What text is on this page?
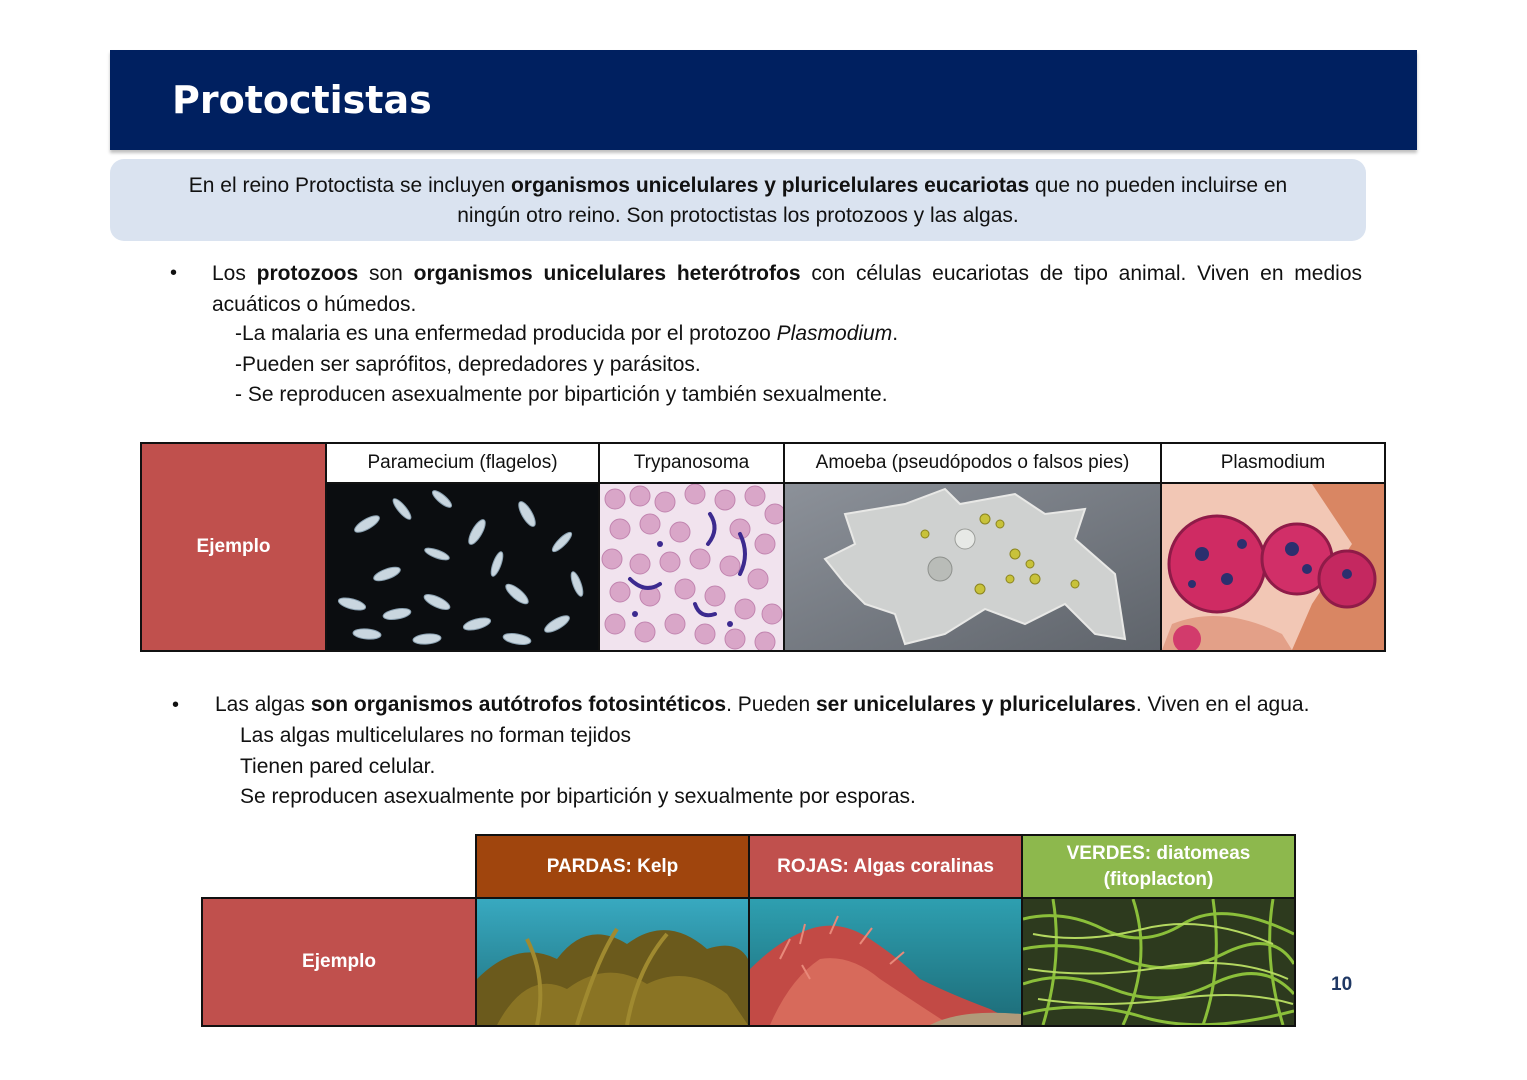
Protoctistas
En el reino Protoctista se incluyen organismos unicelulares y pluricelulares eucariotas que no pueden incluirse en
ningún otro reino. Son protoctistas los protozoos y las algas.
• Los protozoos son organismos unicelulares heterótrofos con células eucariotas de tipo animal. Viven en medios acuáticos o húmedos.
-La malaria es una enfermedad producida por el protozoo Plasmodium.
-Pueden ser saprófitos, depredadores y parásitos.
- Se reproducen asexualmente por bipartición y también sexualmente.
Ejemplo	Paramecium (flagelos)	Trypanosoma	Amoeba (pseudópodos o falsos pies)	Plasmodium

• Las algas son organismos autótrofos fotosintéticos. Pueden ser unicelulares y pluricelulares. Viven en el agua.
Las algas multicelulares no forman tejidos
Tienen pared celular.
Se reproducen asexualmente por bipartición y sexualmente por esporas.
	PARDAS: Kelp	ROJAS: Algas coralinas	VERDES: diatomeas
(fitoplacton)

Ejemplo	

10
